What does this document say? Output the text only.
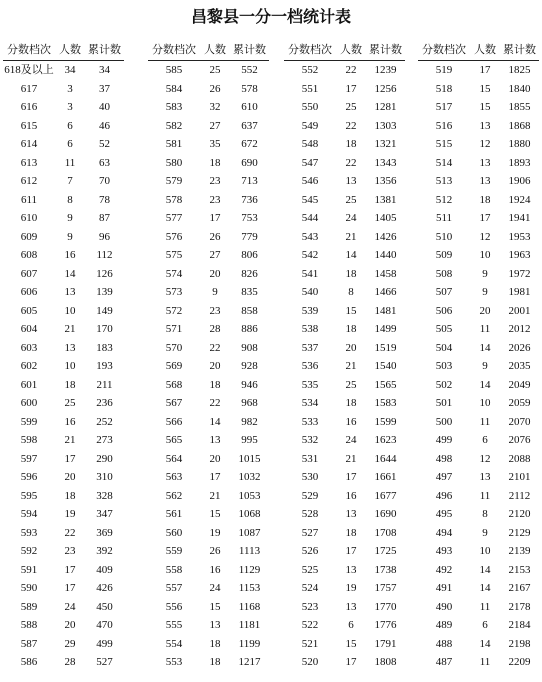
昌黎县一分一档统计表
分数档次 人数 累计数
618及以上 34	34
617	3	37
616	3	40
615	6	46
614	6	52
613	11	63
612	7	70
611	8	78
610	9	87
609	9	96
608	16	112
607	14	126
606	13	139
605	10	149
604	21	170
603	13	183
602	10	193
601	18	211
600	25	236
599	16	252
598	21	273
597	17	290
596	20	310
595	18	328
594	19	347
593	22	369
592	23	392
591	17	409
590	17	426
589	24	450
588	20	470
587	29	499
586	28	527
分数档次 人数 累计数
585	25	552
584	26	578
583	32	610
582	27	637
581	35	672
580	18	690
579	23	713
578	23	736
577	17	753
576	26	779
575	27	806
574	20	826
573	9	835
572	23	858
571	28	886
570	22	908
569	20	928
568	18	946
567	22	968
566	14	982
565	13	995
564	20	1015
563	17	1032
562	21	1053
561	15	1068
560	19	1087
559	26	1113
558	16	1129
557	24	1153
556	15	1168
555	13	1181
554	18	1199
553	18	1217
分数档次 人数 累计数
552	22	1239
551	17	1256
550	25	1281
549	22	1303
548	18	1321
547	22	1343
546	13	1356
545	25	1381
544	24	1405
543	21	1426
542	14	1440
541	18	1458
540	8	1466
539	15	1481
538	18	1499
537	20	1519
536	21	1540
535	25	1565
534	18	1583
533	16	1599
532	24	1623
531	21	1644
530	17	1661
529	16	1677
528	13	1690
527	18	1708
526	17	1725
525	13	1738
524	19	1757
523	13	1770
522	6	1776
521	15	1791
520	17	1808
分数档次 人数 累计数
519	17	1825
518	15	1840
517	15	1855
516	13	1868
515	12	1880
514	13	1893
513	13	1906
512	18	1924
511	17	1941
510	12	1953
509	10	1963
508	9	1972
507	9	1981
506	20	2001
505	11	2012
504	14	2026
503	9	2035
502	14	2049
501	10	2059
500	11	2070
499	6	2076
498	12	2088
497	13	2101
496	11	2112
495	8	2120
494	9	2129
493	10	2139
492	14	2153
491	14	2167
490	11	2178
489	6	2184
488	14	2198
487	11	2209
